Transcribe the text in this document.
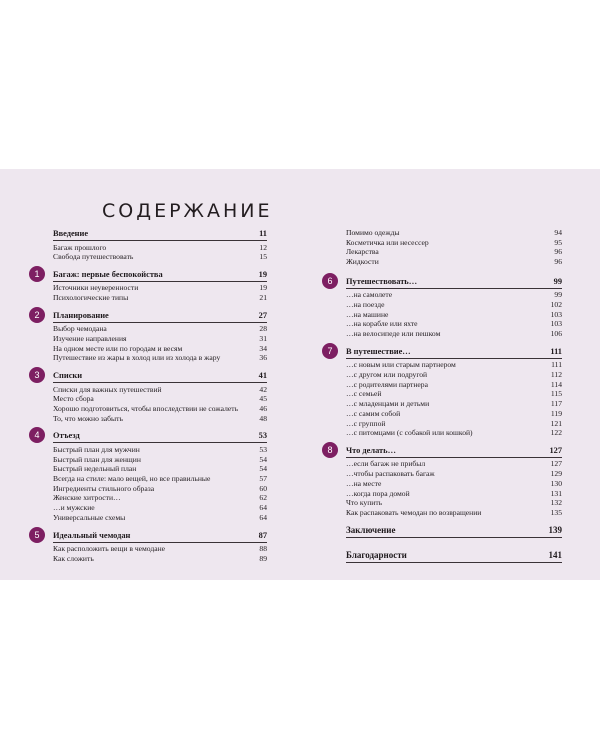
СОДЕРЖАНИЕ
Введение	11
Багаж прошлого	12
Свобода путешествовать	15
1	Багаж: первые беспокойства	19
Источники неуверенности	19
Психологические типы	21
2	Планирование	27
Выбор чемодана	28
Изучение направления	31
На одном месте или по городам и весям	34
Путешествие из жары в холод или из холода в жару	36
3	Списки	41
Списки для важных путешествий	42
Место сбора	45
Хорошо подготовиться, чтобы впоследствии не сожалеть	46
То, что можно забыть	48
4	Отъезд	53
Быстрый план для мужчин	53
Быстрый план для женщин	54
Быстрый недельный план	54
Всегда на стиле: мало вещей, но все правильные	57
Ингредиенты стильного образа	60
Женские хитрости…	62
…и мужские	64
Универсальные схемы	64
5	Идеальный чемодан	87
Как расположить вещи в чемодане	88
Как сложить	89
Помимо одежды	94
Косметичка или несессер	95
Лекарства	96
Жидкости	96
6	Путешествовать…	99
…на самолете	99
…на поезде	102
…на машине	103
…на корабле или яхте	103
…на велосипеде или пешком	106
7	В путешествие…	111
…с новым или старым партнером	111
…с другом или подругой	112
…с родителями партнера	114
…с семьей	115
…с младенцами и детьми	117
…с самим собой	119
…с группой	121
…с питомцами (с собакой или кошкой)	122
8	Что делать…	127
…если багаж не прибыл	127
…чтобы распаковать багаж	129
…на месте	130
…когда пора домой	131
Что купить	132
Как распаковать чемодан по возвращении	135
Заключение	139
Благодарности	141
